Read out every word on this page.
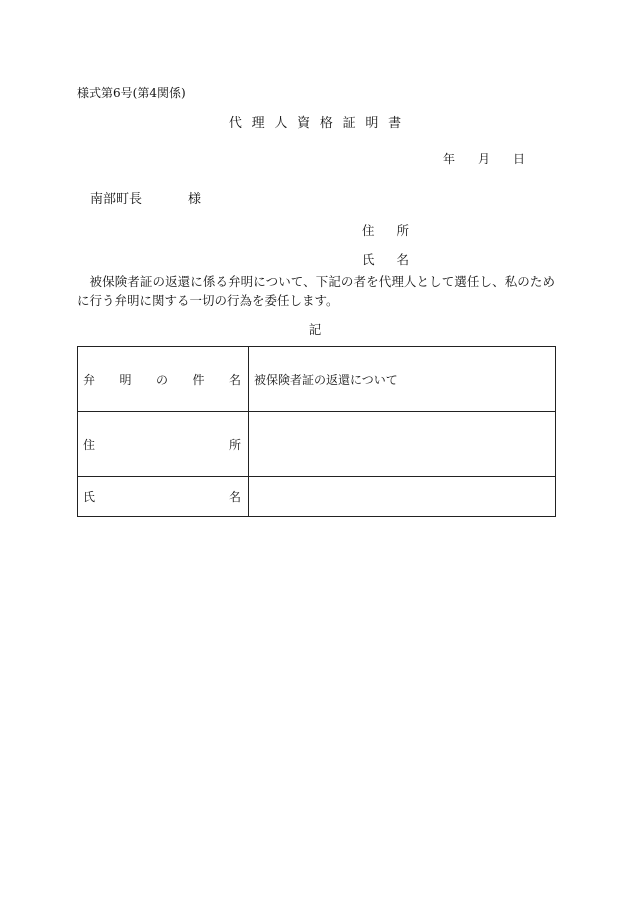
様式第6号(第4関係)
代理人資格証明書
年 月 日
南部町長	様
住 所
氏 名
被保険者証の返還に係る弁明について、下記の者を代理人として選任し、私のために行う弁明に関する一切の行為を委任します。
記
弁 明 の 件 名	被保険者証の返還について

住 所	

氏 名	
